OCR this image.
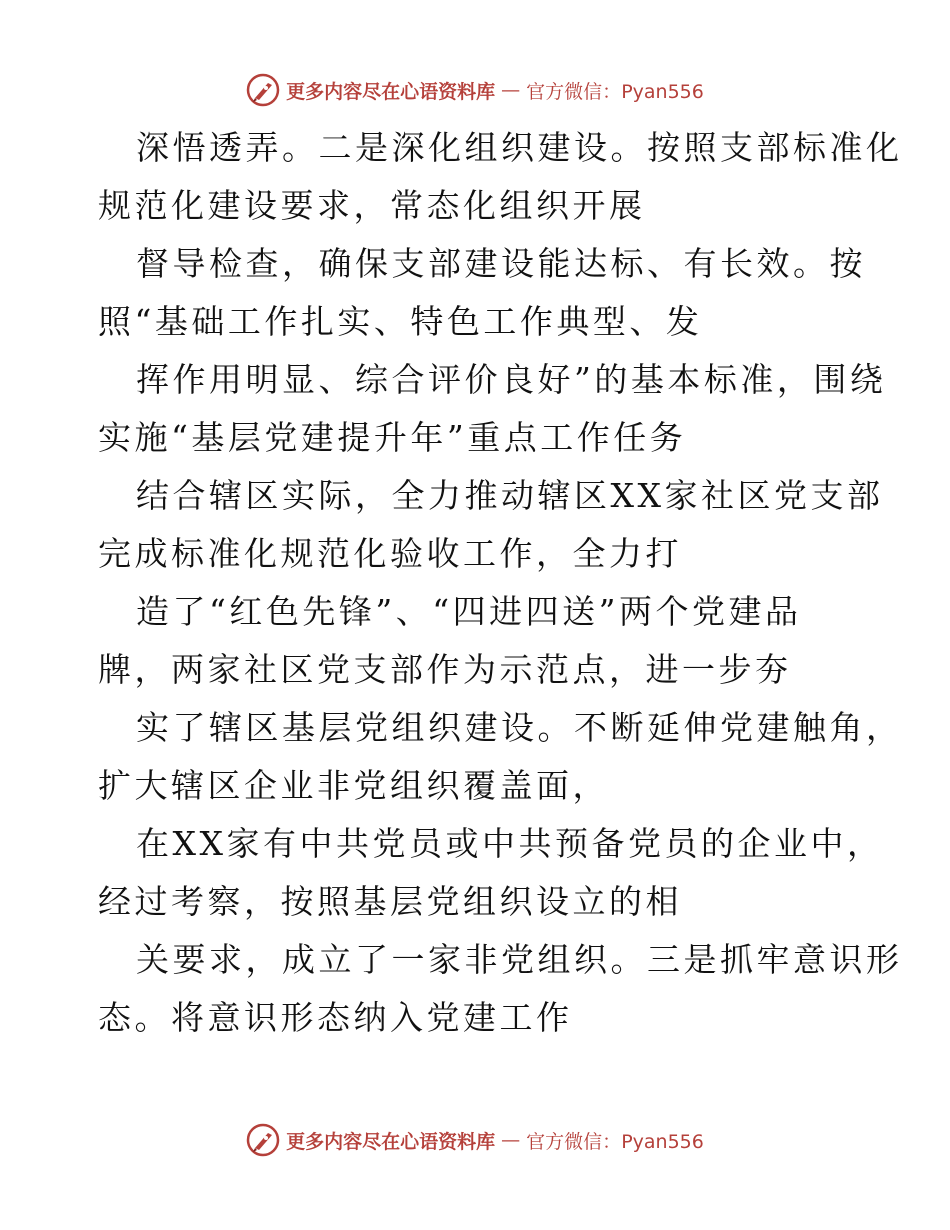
更多内容尽在心语资料库 — 官方微信：Pyan556
深悟透弄。二是深化组织建设。按照支部标准化
规范化建设要求，常态化组织开展
督导检查，确保支部建设能达标、有长效。按
照“基础工作扎实、特色工作典型、发
挥作用明显、综合评价良好”的基本标准，围绕
实施“基层党建提升年”重点工作任务
结合辖区实际，全力推动辖区XX家社区党支部
完成标准化规范化验收工作，全力打
造了“红色先锋”、“四进四送”两个党建品
牌，两家社区党支部作为示范点，进一步夯
实了辖区基层党组织建设。不断延伸党建触角，
扩大辖区企业非党组织覆盖面，
在XX家有中共党员或中共预备党员的企业中，
经过考察，按照基层党组织设立的相
关要求，成立了一家非党组织。三是抓牢意识形
态。将意识形态纳入党建工作
更多内容尽在心语资料库 — 官方微信：Pyan556
